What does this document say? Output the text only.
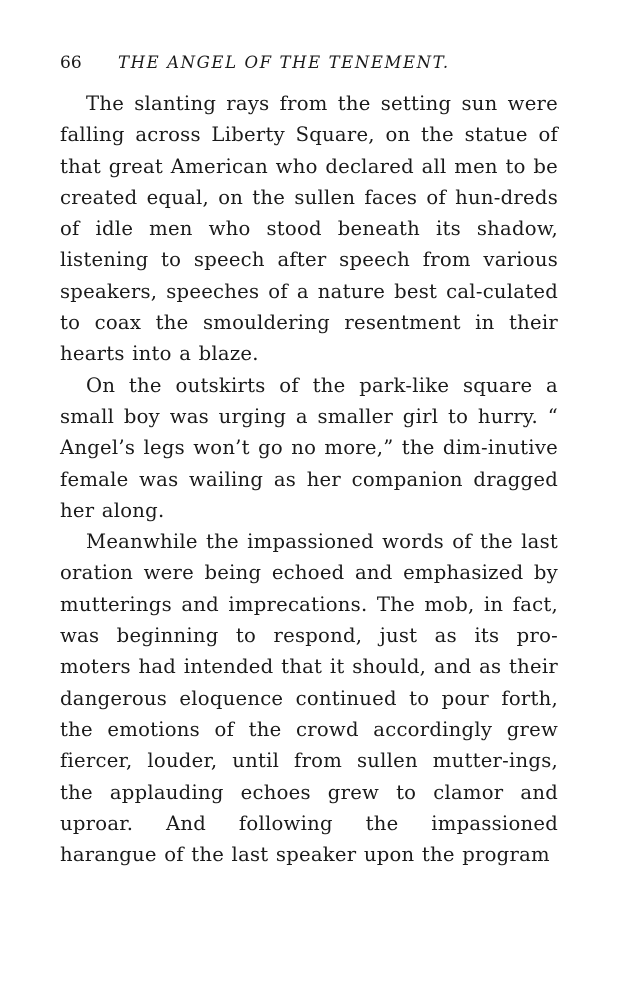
66	THE ANGEL OF THE TENEMENT.

The slanting rays from the setting sun were falling across Liberty Square, on the statue of that great American who declared all men to be created equal, on the sullen faces of hun-dreds of idle men who stood beneath its shadow, listening to speech after speech from various speakers, speeches of a nature best cal-culated to coax the smouldering resentment in their hearts into a blaze.

On the outskirts of the park-like square a small boy was urging a smaller girl to hurry. “ Angel’s legs won’t go no more,” the dim-inutive female was wailing as her companion dragged her along.

Meanwhile the impassioned words of the last oration were being echoed and emphasized by mutterings and imprecations. The mob, in fact, was beginning to respond, just as its pro-moters had intended that it should, and as their dangerous eloquence continued to pour forth, the emotions of the crowd accordingly grew fiercer, louder, until from sullen mutter-ings, the applauding echoes grew to clamor and uproar. And following the impassioned harangue of the last speaker upon the program
